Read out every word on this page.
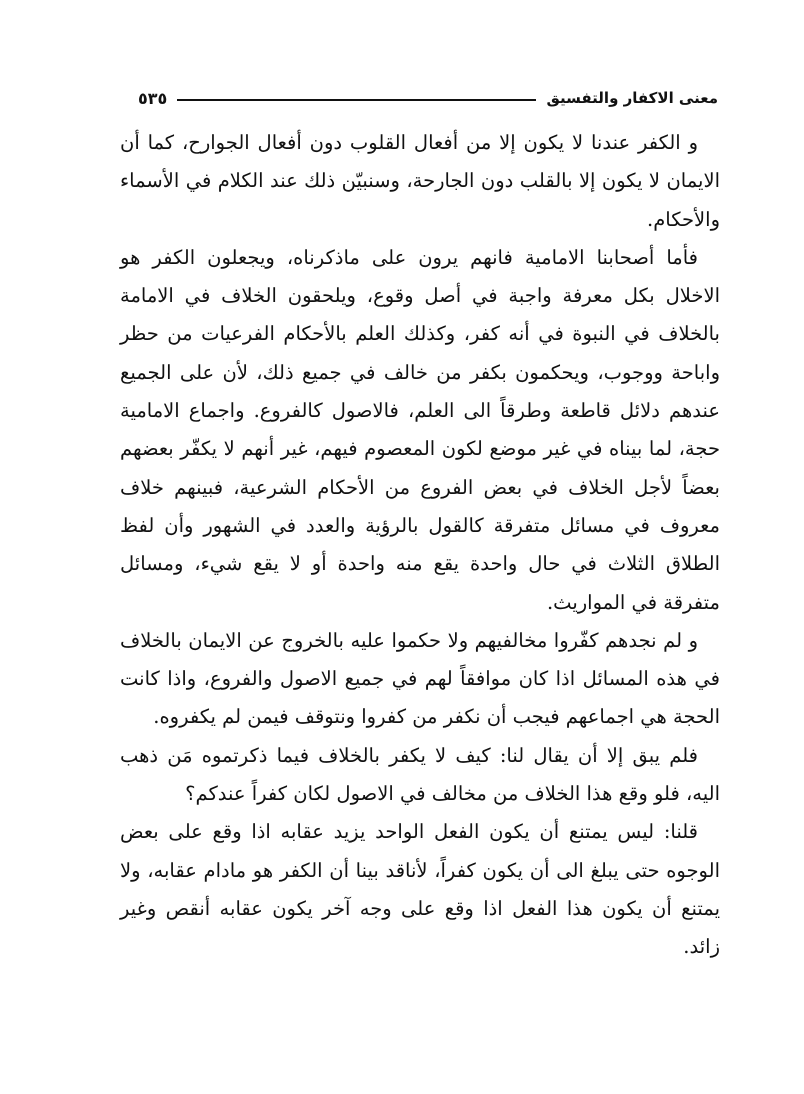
معنى الاكفار والتفسيق
٥٣٥

و الكفر عندنا لا يكون إلا من أفعال القلوب دون أفعال الجوارح، كما أن الايمان لا يكون إلا بالقلب دون الجارحة، وسنبيّن ذلك عند الكلام في الأسماء والأحكام.

فأما أصحابنا الامامية فانهم يرون على ماذكرناه، ويجعلون الكفر هو الاخلال بكل معرفة واجبة في أصل وقوع، ويلحقون الخلاف في الامامة بالخلاف في النبوة في أنه كفر، وكذلك العلم بالأحكام الفرعيات من حظر واباحة ووجوب، ويحكمون بكفر من خالف في جميع ذلك، لأن على الجميع عندهم دلائل قاطعة وطرقاً الى العلم، فالاصول كالفروع. واجماع الامامية حجة، لما بيناه في غير موضع لكون المعصوم فيهم، غير أنهم لا يكفّر بعضهم بعضاً لأجل الخلاف في بعض الفروع من الأحكام الشرعية، فبينهم خلاف معروف في مسائل متفرقة كالقول بالرؤية والعدد في الشهور وأن لفظ الطلاق الثلاث في حال واحدة يقع منه واحدة أو لا يقع شيء، ومسائل متفرقة في المواريث.

و لم نجدهم كفّروا مخالفيهم ولا حكموا عليه بالخروج عن الايمان بالخلاف في هذه المسائل اذا كان موافقاً لهم في جميع الاصول والفروع، واذا كانت الحجة هي اجماعهم فيجب أن نكفر من كفروا ونتوقف فيمن لم يكفروه.

فلم يبق إلا أن يقال لنا: كيف لا يكفر بالخلاف فيما ذكرتموه مَن ذهب اليه، فلو وقع هذا الخلاف من مخالف في الاصول لكان كفراً عندكم؟

قلنا: ليس يمتنع أن يكون الفعل الواحد يزيد عقابه اذا وقع على بعض الوجوه حتى يبلغ الى أن يكون كفراً، لأناقد بينا أن الكفر هو مادام عقابه، ولا يمتنع أن يكون هذا الفعل اذا وقع على وجه آخر يكون عقابه أنقص وغير زائد.
